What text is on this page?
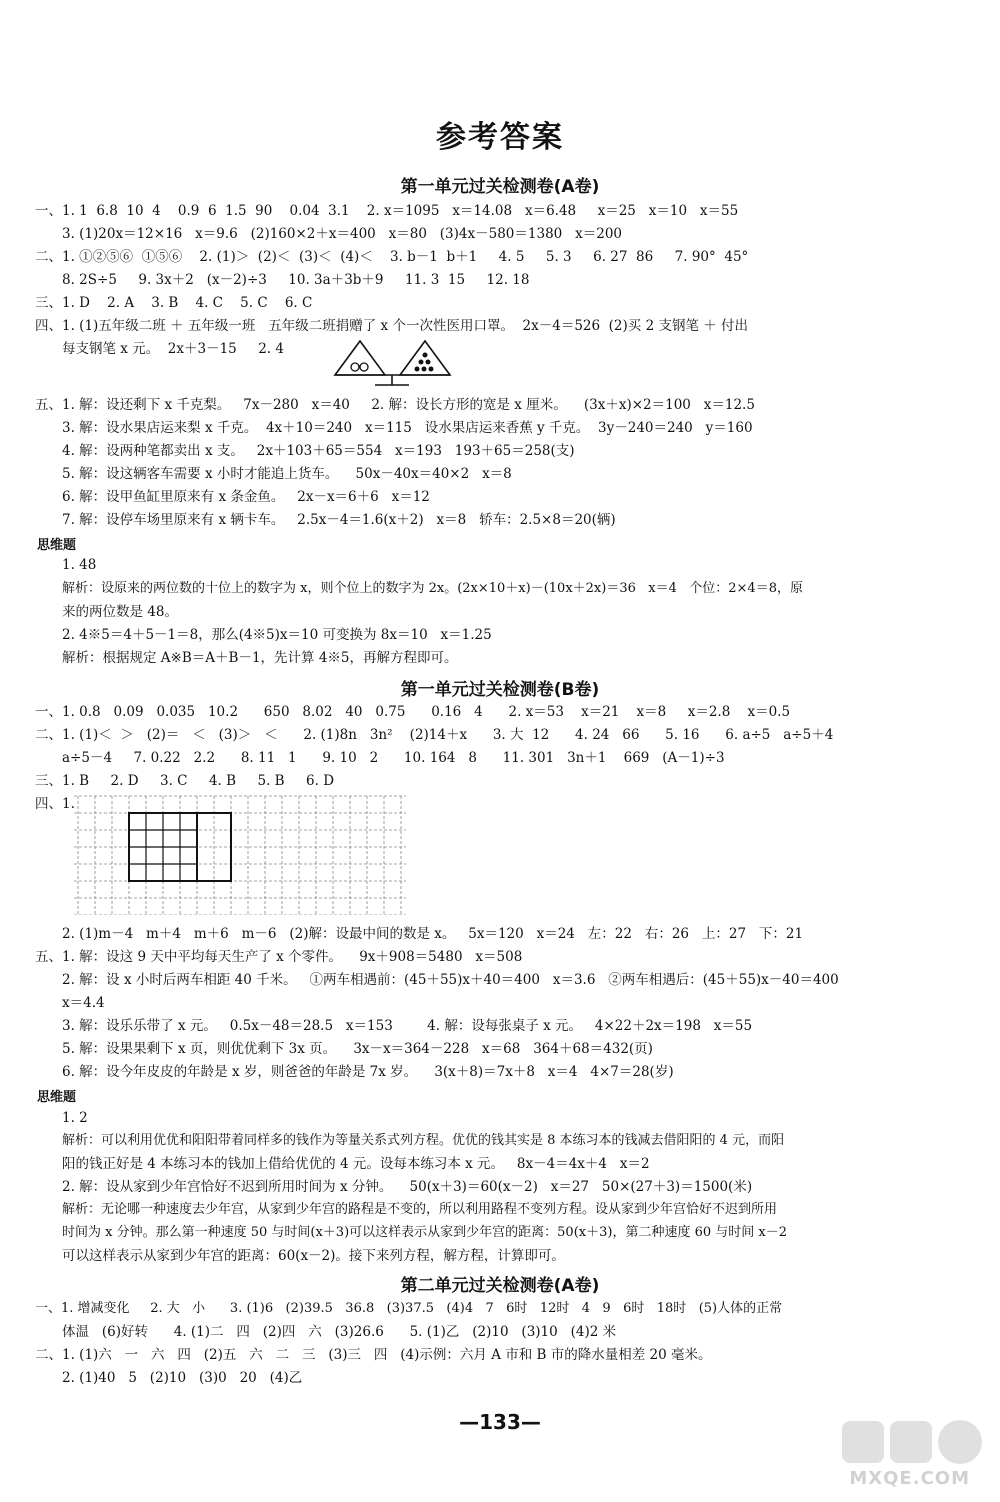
参考答案
第一单元过关检测卷(A卷)
一、1. 1  6.8  10  4    0.9  6  1.5  90    0.04  3.1    2. x＝1095   x＝14.08   x＝6.48     x＝25   x＝10   x＝55
3. (1)20x＝12×16   x＝9.6   (2)160×2＋x＝400   x＝80   (3)4x－580＝1380   x＝200
二、1. ①②⑤⑥  ①⑤⑥    2. (1)＞  (2)＜  (3)＜  (4)＜    3. b－1  b＋1     4. 5     5. 3     6. 27  86     7. 90°  45°
8. 2S÷5     9. 3x＋2   (x－2)÷3     10. 3a＋3b＋9     11. 3  15     12. 18
三、1. D    2. A    3. B    4. C    5. C    6. C
四、1. (1)五年级二班 ＋ 五年级一班   五年级二班捐赠了 x 个一次性医用口罩。  2x－4＝526  (2)买 2 支钢笔 ＋ 付出
每支钢笔 x 元。  2x＋3－15     2. 4
五、1. 解：设还剩下 x 千克梨。   7x－280   x＝40     2. 解：设长方形的宽是 x 厘米。    (3x＋x)×2＝100   x＝12.5
3. 解：设水果店运来梨 x 千克。  4x＋10＝240   x＝115   设水果店运来香蕉 y 千克。  3y－240＝240   y＝160
4. 解：设两种笔都卖出 x 支。   2x＋103＋65＝554   x＝193   193＋65＝258(支)
5. 解：设这辆客车需要 x 小时才能追上货车。    50x－40x＝40×2   x＝8
6. 解：设甲鱼缸里原来有 x 条金鱼。   2x－x＝6＋6   x＝12
7. 解：设停车场里原来有 x 辆卡车。   2.5x－4＝1.6(x＋2)   x＝8   轿车：2.5×8＝20(辆)
思维题
1. 48
解析：设原来的两位数的十位上的数字为 x，则个位上的数字为 2x。(2x×10＋x)－(10x＋2x)＝36   x＝4   个位：2×4＝8，原
来的两位数是 48。
2. 4※5＝4＋5－1＝8，那么(4※5)x＝10 可变换为 8x＝10   x＝1.25
解析：根据规定 A※B＝A＋B－1，先计算 4※5，再解方程即可。
第一单元过关检测卷(B卷)
一、1. 0.8   0.09   0.035   10.2      650   8.02   40   0.75      0.16   4      2. x＝53    x＝21    x＝8     x＝2.8    x＝0.5
二、1. (1)＜  ＞   (2)＝   ＜   (3)＞   ＜      2. (1)8n   3n²    (2)14＋x      3. 大  12      4. 24   66      5. 16      6. a÷5   a÷5＋4
a÷5－4     7. 0.22   2.2      8. 11   1      9. 10   2      10. 164   8      11. 301   3n＋1    669   (A－1)÷3
三、1. B     2. D     3. C     4. B     5. B     6. D
四、1.
2. (1)m－4   m＋4   m＋6   m－6   (2)解：设最中间的数是 x。   5x＝120   x＝24   左：22   右：26   上：27   下：21
五、1. 解：设这 9 天中平均每天生产了 x 个零件。    9x＋908＝5480   x＝508
2. 解：设 x 小时后两车相距 40 千米。   ①两车相遇前：(45＋55)x＋40＝400   x＝3.6   ②两车相遇后：(45＋55)x－40＝400
x＝4.4
3. 解：设乐乐带了 x 元。   0.5x－48＝28.5   x＝153        4. 解：设每张桌子 x 元。   4×22＋2x＝198   x＝55
5. 解：设果果剩下 x 页，则优优剩下 3x 页。    3x－x＝364－228   x＝68   364＋68＝432(页)
6. 解：设今年皮皮的年龄是 x 岁，则爸爸的年龄是 7x 岁。    3(x＋8)＝7x＋8   x＝4   4×7＝28(岁)
思维题
1. 2
解析：可以利用优优和阳阳带着同样多的钱作为等量关系式列方程。优优的钱其实是 8 本练习本的钱减去借阳阳的 4 元，而阳
阳的钱正好是 4 本练习本的钱加上借给优优的 4 元。设每本练习本 x 元。   8x－4＝4x＋4   x＝2
2. 解：设从家到少年宫恰好不迟到所用时间为 x 分钟。    50(x＋3)＝60(x－2)   x＝27   50×(27＋3)＝1500(米)
解析：无论哪一种速度去少年宫，从家到少年宫的路程是不变的，所以利用路程不变列方程。设从家到少年宫恰好不迟到所用
时间为 x 分钟。那么第一种速度 50 与时间(x＋3)可以这样表示从家到少年宫的距离：50(x＋3)，第二种速度 60 与时间 x－2
可以这样表示从家到少年宫的距离：60(x－2)。接下来列方程，解方程，计算即可。
第二单元过关检测卷(A卷)
一、1. 增减变化     2. 大   小      3. (1)6   (2)39.5   36.8   (3)37.5   (4)4   7   6时   12时   4   9   6时   18时   (5)人体的正常
体温   (6)好转      4. (1)二   四   (2)四   六   (3)26.6      5. (1)乙   (2)10   (3)10   (4)2 米
二、1. (1)六   一   六   四   (2)五   六   二   三   (3)三   四   (4)示例：六月 A 市和 B 市的降水量相差 20 毫米。
2. (1)40   5   (2)10   (3)0   20   (4)乙
—133—
MXQE.COM
